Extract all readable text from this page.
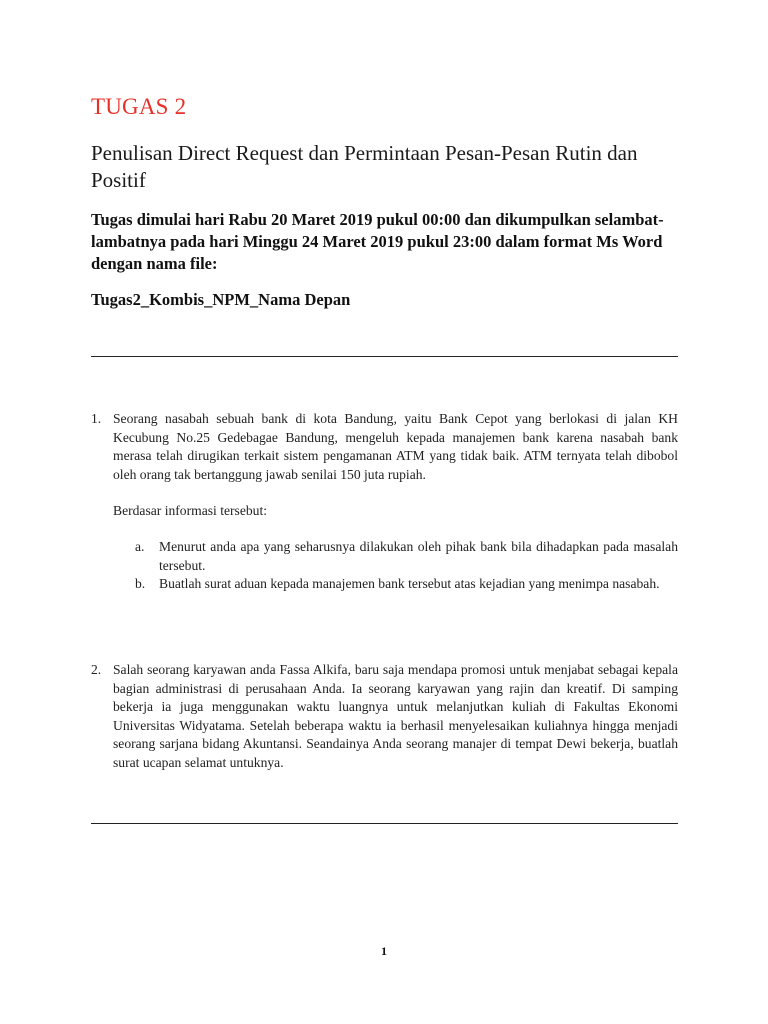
TUGAS 2
Penulisan Direct Request dan Permintaan Pesan-Pesan Rutin dan Positif
Tugas dimulai hari Rabu 20 Maret 2019 pukul 00:00 dan dikumpulkan selambat-lambatnya pada hari Minggu 24 Maret 2019 pukul 23:00 dalam format Ms Word dengan nama file:
Tugas2_Kombis_NPM_Nama Depan
1. Seorang nasabah sebuah bank di kota Bandung, yaitu Bank Cepot yang berlokasi di jalan KH Kecubung No.25 Gedebagae Bandung, mengeluh kepada manajemen bank karena nasabah bank merasa telah dirugikan terkait sistem pengamanan ATM yang tidak baik. ATM ternyata telah dibobol oleh orang tak bertanggung jawab senilai 150 juta rupiah.
Berdasar informasi tersebut:
a. Menurut anda apa yang seharusnya dilakukan oleh pihak bank bila dihadapkan pada masalah tersebut.
b. Buatlah surat aduan kepada manajemen bank tersebut atas kejadian yang menimpa nasabah.
2. Salah seorang karyawan anda Fassa Alkifa, baru saja mendapa promosi untuk menjabat sebagai kepala bagian administrasi di perusahaan Anda. Ia seorang karyawan yang rajin dan kreatif. Di samping bekerja ia juga menggunakan waktu luangnya untuk melanjutkan kuliah di Fakultas Ekonomi Universitas Widyatama. Setelah beberapa waktu ia berhasil menyelesaikan kuliahnya hingga menjadi seorang sarjana bidang Akuntansi. Seandainya Anda seorang manajer di tempat Dewi bekerja, buatlah surat ucapan selamat untuknya.
1
